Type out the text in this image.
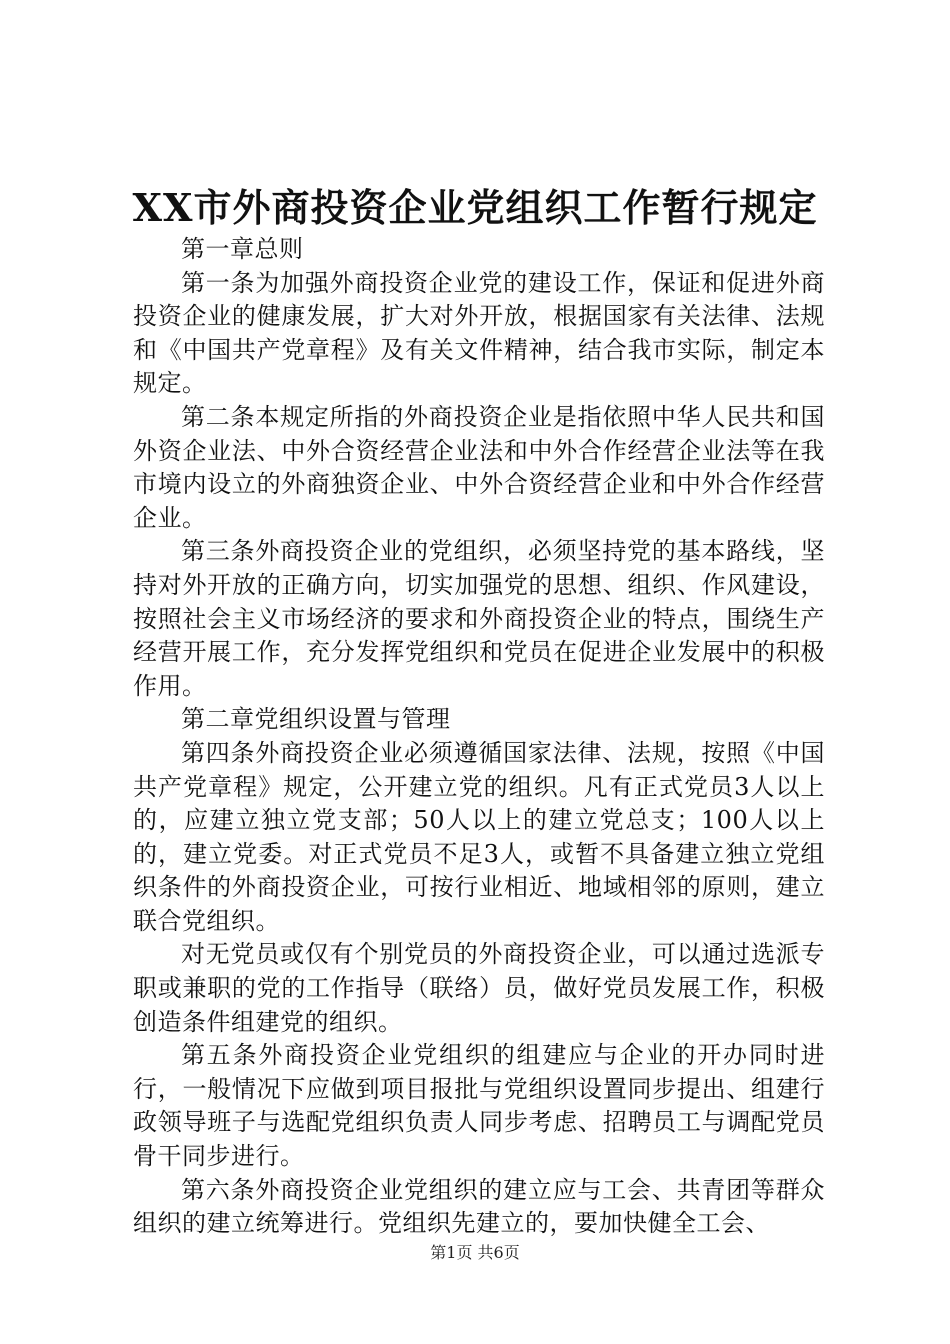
XX市外商投资企业党组织工作暂行规定

第一章总则

第一条为加强外商投资企业党的建设工作，保证和促进外商投资企业的健康发展，扩大对外开放，根据国家有关法律、法规和《中国共产党章程》及有关文件精神，结合我市实际，制定本规定。

第二条本规定所指的外商投资企业是指依照中华人民共和国外资企业法、中外合资经营企业法和中外合作经营企业法等在我市境内设立的外商独资企业、中外合资经营企业和中外合作经营企业。

第三条外商投资企业的党组织，必须坚持党的基本路线，坚持对外开放的正确方向，切实加强党的思想、组织、作风建设，按照社会主义市场经济的要求和外商投资企业的特点，围绕生产经营开展工作，充分发挥党组织和党员在促进企业发展中的积极作用。

第二章党组织设置与管理

第四条外商投资企业必须遵循国家法律、法规，按照《中国共产党章程》规定，公开建立党的组织。凡有正式党员3人以上的，应建立独立党支部；50人以上的建立党总支；100人以上的，建立党委。对正式党员不足3人，或暂不具备建立独立党组织条件的外商投资企业，可按行业相近、地域相邻的原则，建立联合党组织。

对无党员或仅有个别党员的外商投资企业，可以通过选派专职或兼职的党的工作指导（联络）员，做好党员发展工作，积极创造条件组建党的组织。

第五条外商投资企业党组织的组建应与企业的开办同时进行，一般情况下应做到项目报批与党组织设置同步提出、组建行政领导班子与选配党组织负责人同步考虑、招聘员工与调配党员骨干同步进行。

第六条外商投资企业党组织的建立应与工会、共青团等群众组织的建立统筹进行。党组织先建立的，要加快健全工会、

第1页 共6页
